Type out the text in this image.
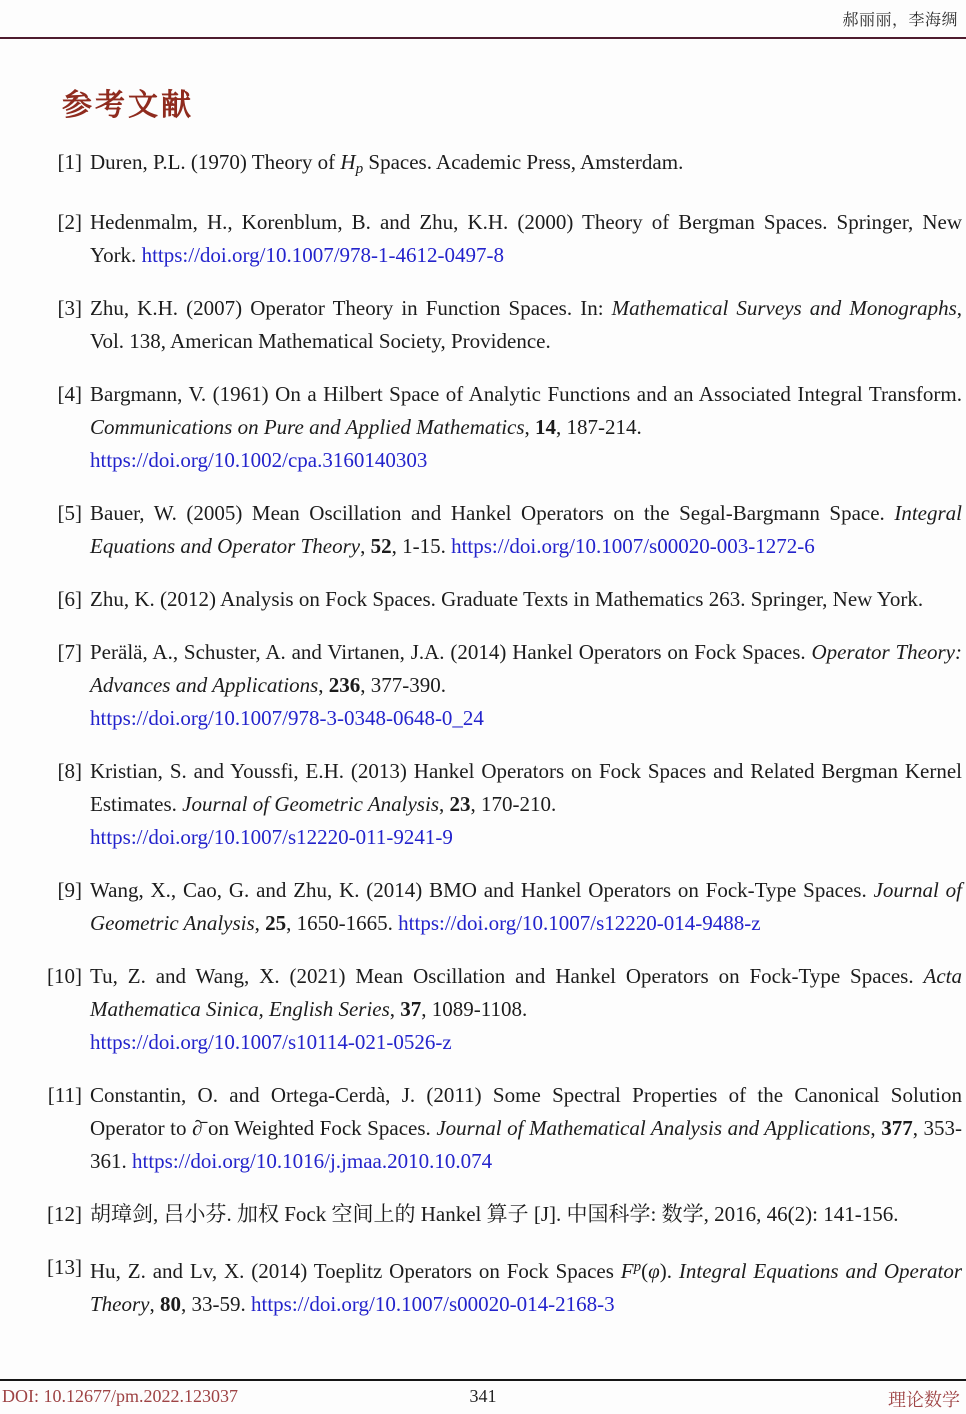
郝丽丽，李海绸
参考文献
[1] Duren, P.L. (1970) Theory of Hp Spaces. Academic Press, Amsterdam.
[2] Hedenmalm, H., Korenblum, B. and Zhu, K.H. (2000) Theory of Bergman Spaces. Springer, New York. https://doi.org/10.1007/978-1-4612-0497-8
[3] Zhu, K.H. (2007) Operator Theory in Function Spaces. In: Mathematical Surveys and Monographs, Vol. 138, American Mathematical Society, Providence.
[4] Bargmann, V. (1961) On a Hilbert Space of Analytic Functions and an Associated Integral Transform. Communications on Pure and Applied Mathematics, 14, 187-214.
https://doi.org/10.1002/cpa.3160140303
[5] Bauer, W. (2005) Mean Oscillation and Hankel Operators on the Segal-Bargmann Space. Integral Equations and Operator Theory, 52, 1-15. https://doi.org/10.1007/s00020-003-1272-6
[6] Zhu, K. (2012) Analysis on Fock Spaces. Graduate Texts in Mathematics 263. Springer, New York.
[7] Perälä, A., Schuster, A. and Virtanen, J.A. (2014) Hankel Operators on Fock Spaces. Operator Theory: Advances and Applications, 236, 377-390.
https://doi.org/10.1007/978-3-0348-0648-0_24
[8] Kristian, S. and Youssfi, E.H. (2013) Hankel Operators on Fock Spaces and Related Bergman Kernel Estimates. Journal of Geometric Analysis, 23, 170-210.
https://doi.org/10.1007/s12220-011-9241-9
[9] Wang, X., Cao, G. and Zhu, K. (2014) BMO and Hankel Operators on Fock-Type Spaces. Journal of Geometric Analysis, 25, 1650-1665. https://doi.org/10.1007/s12220-014-9488-z
[10] Tu, Z. and Wang, X. (2021) Mean Oscillation and Hankel Operators on Fock-Type Spaces. Acta Mathematica Sinica, English Series, 37, 1089-1108.
https://doi.org/10.1007/s10114-021-0526-z
[11] Constantin, O. and Ortega-Cerdà, J. (2011) Some Spectral Properties of the Canonical Solution Operator to ∂̄ on Weighted Fock Spaces. Journal of Mathematical Analysis and Applications, 377, 353-361. https://doi.org/10.1016/j.jmaa.2010.10.074
[12] 胡璋剑, 吕小芬. 加权 Fock 空间上的 Hankel 算子 [J]. 中国科学: 数学, 2016, 46(2): 141-156.
[13] Hu, Z. and Lv, X. (2014) Toeplitz Operators on Fock Spaces $F^p(\varphi)$. Integral Equations and Operator Theory, 80, 33-59. https://doi.org/10.1007/s00020-014-2168-3
DOI: 10.12677/pm.2022.123037	341	理论数学
